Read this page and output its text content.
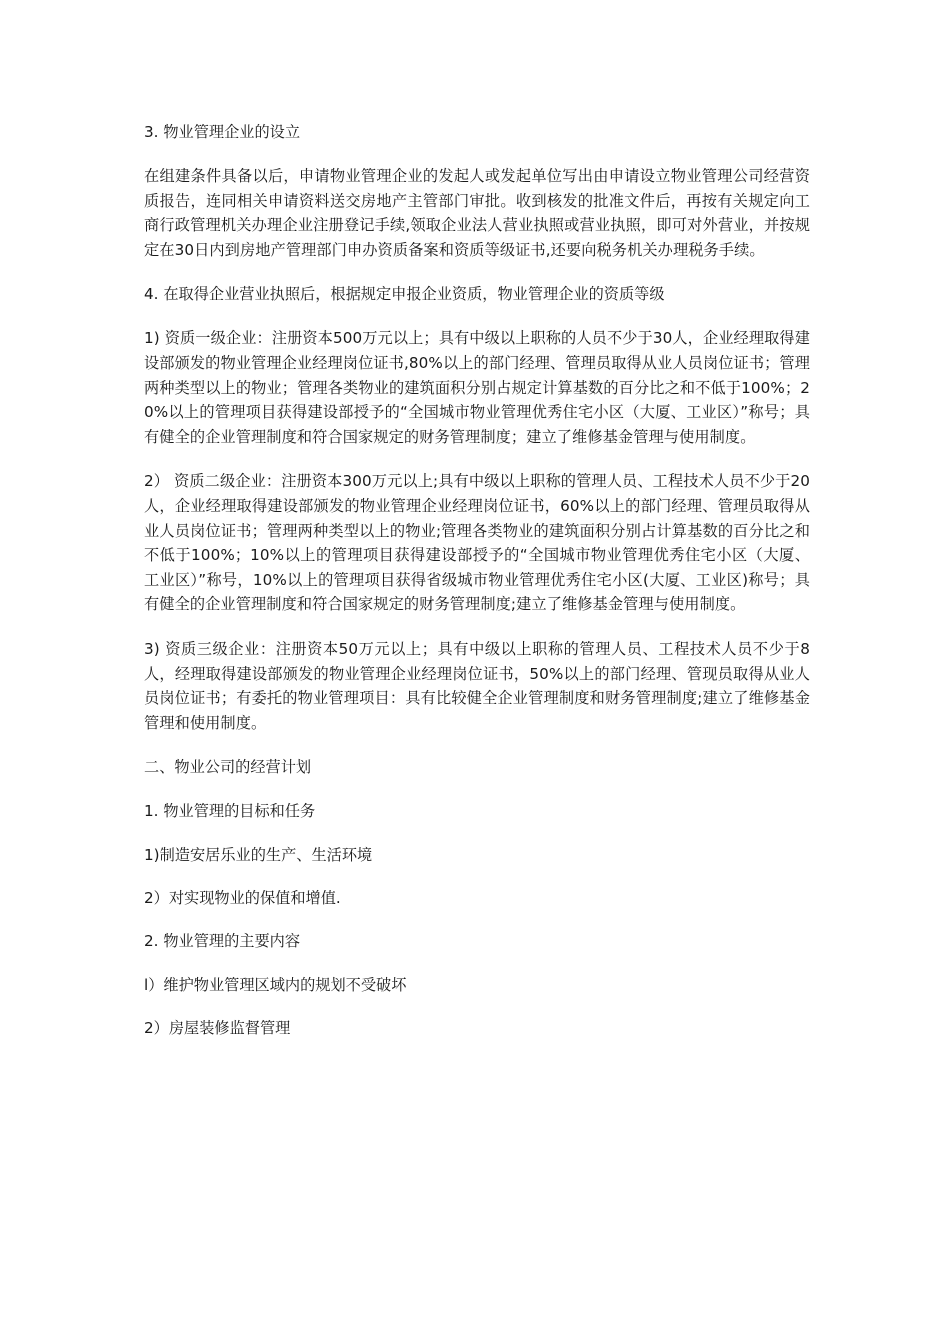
3. 物业管理企业的设立

在组建条件具备以后，申请物业管理企业的发起人或发起单位写出由申请设立物业管理公司经营资质报告，连同相关申请资料送交房地产主管部门审批。收到核发的批准文件后，再按有关规定向工商行政管理机关办理企业注册登记手续,领取企业法人营业执照或营业执照，即可对外营业，并按规定在30日内到房地产管理部门申办资质备案和资质等级证书,还要向税务机关办理税务手续。

4. 在取得企业营业执照后，根据规定申报企业资质，物业管理企业的资质等级

1) 资质一级企业：注册资本500万元以上；具有中级以上职称的人员不少于30人，企业经理取得建设部颁发的物业管理企业经理岗位证书,80%以上的部门经理、管理员取得从业人员岗位证书；管理两种类型以上的物业；管理各类物业的建筑面积分别占规定计算基数的百分比之和不低于100%；20%以上的管理项目获得建设部授予的“全国城市物业管理优秀住宅小区（大厦、工业区）”称号；具有健全的企业管理制度和符合国家规定的财务管理制度；建立了维修基金管理与使用制度。

2） 资质二级企业：注册资本300万元以上;具有中级以上职称的管理人员、工程技术人员不少于20人，企业经理取得建设部颁发的物业管理企业经理岗位证书，60%以上的部门经理、管理员取得从业人员岗位证书；管理两种类型以上的物业;管理各类物业的建筑面积分别占计算基数的百分比之和不低于100%；10%以上的管理项目获得建设部授予的“全国城市物业管理优秀住宅小区（大厦、工业区）”称号，10%以上的管理项目获得省级城市物业管理优秀住宅小区(大厦、工业区)称号；具有健全的企业管理制度和符合国家规定的财务管理制度;建立了维修基金管理与使用制度。

3) 资质三级企业：注册资本50万元以上；具有中级以上职称的管理人员、工程技术人员不少于8人，经理取得建设部颁发的物业管理企业经理岗位证书，50%以上的部门经理、管现员取得从业人员岗位证书；有委托的物业管理项目：具有比较健全企业管理制度和财务管理制度;建立了维修基金管理和使用制度。

二、物业公司的经营计划

1. 物业管理的目标和任务

1)制造安居乐业的生产、生活环境

2）对实现物业的保值和增值.

2. 物业管理的主要内容

l）维护物业管理区域内的规划不受破坏

2）房屋装修监督管理
